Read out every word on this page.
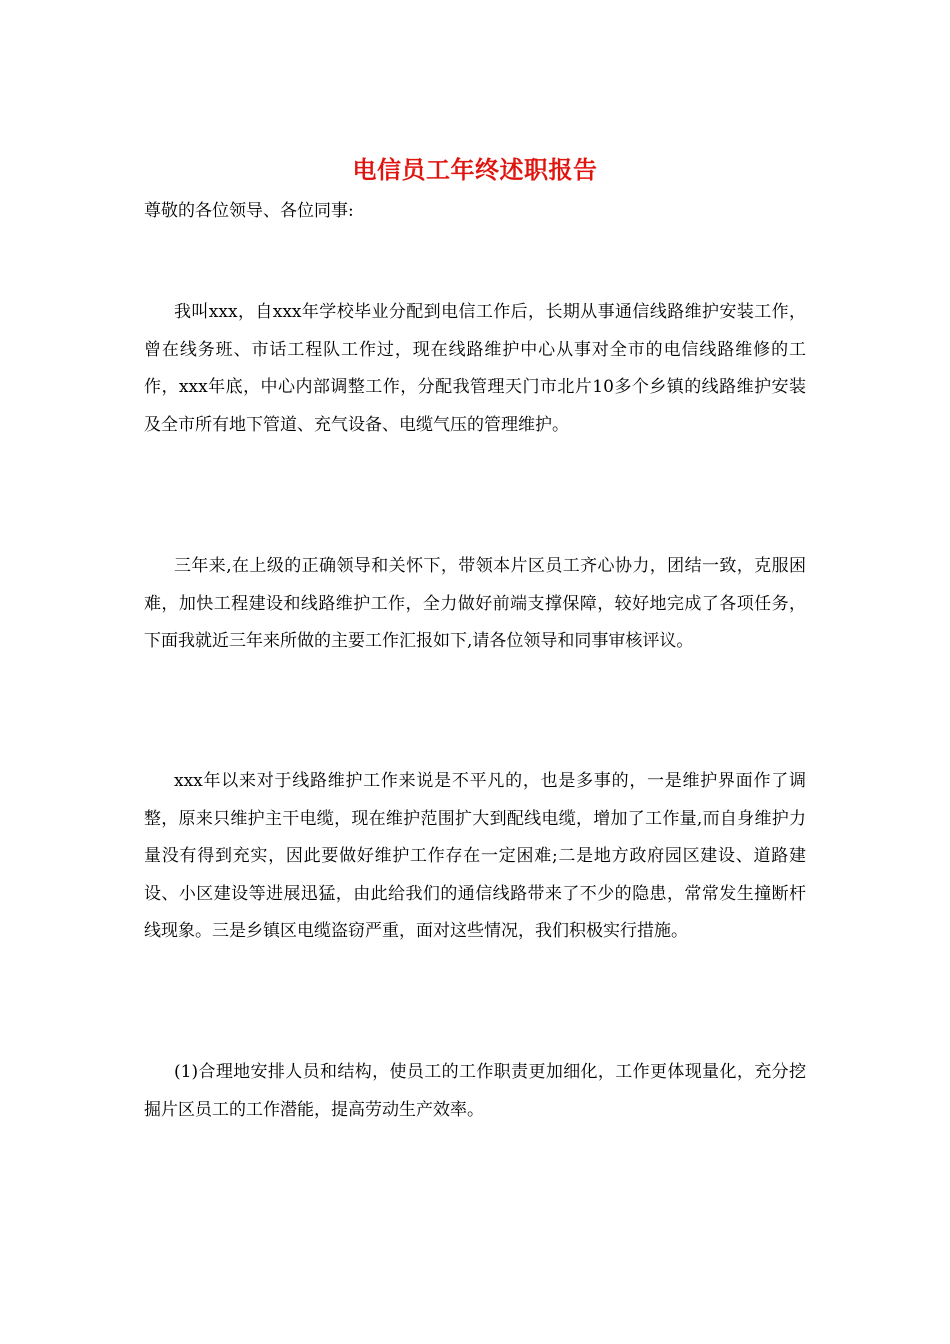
电信员工年终述职报告
尊敬的各位领导、各位同事:
我叫xxx，自xxx年学校毕业分配到电信工作后，长期从事通信线路维护安装工作，曾在线务班、市话工程队工作过，现在线路维护中心从事对全市的电信线路维修的工作，xxx年底，中心内部调整工作，分配我管理天门市北片10多个乡镇的线路维护安装及全市所有地下管道、充气设备、电缆气压的管理维护。
三年来,在上级的正确领导和关怀下，带领本片区员工齐心协力，团结一致，克服困难，加快工程建设和线路维护工作，全力做好前端支撑保障，较好地完成了各项任务，下面我就近三年来所做的主要工作汇报如下,请各位领导和同事审核评议。
xxx年以来对于线路维护工作来说是不平凡的，也是多事的，一是维护界面作了调整，原来只维护主干电缆，现在维护范围扩大到配线电缆，增加了工作量,而自身维护力量没有得到充实，因此要做好维护工作存在一定困难;二是地方政府园区建设、道路建设、小区建设等进展迅猛，由此给我们的通信线路带来了不少的隐患，常常发生撞断杆线现象。三是乡镇区电缆盗窃严重，面对这些情况，我们积极实行措施。
(1)合理地安排人员和结构，使员工的工作职责更加细化，工作更体现量化，充分挖掘片区员工的工作潜能，提高劳动生产效率。
